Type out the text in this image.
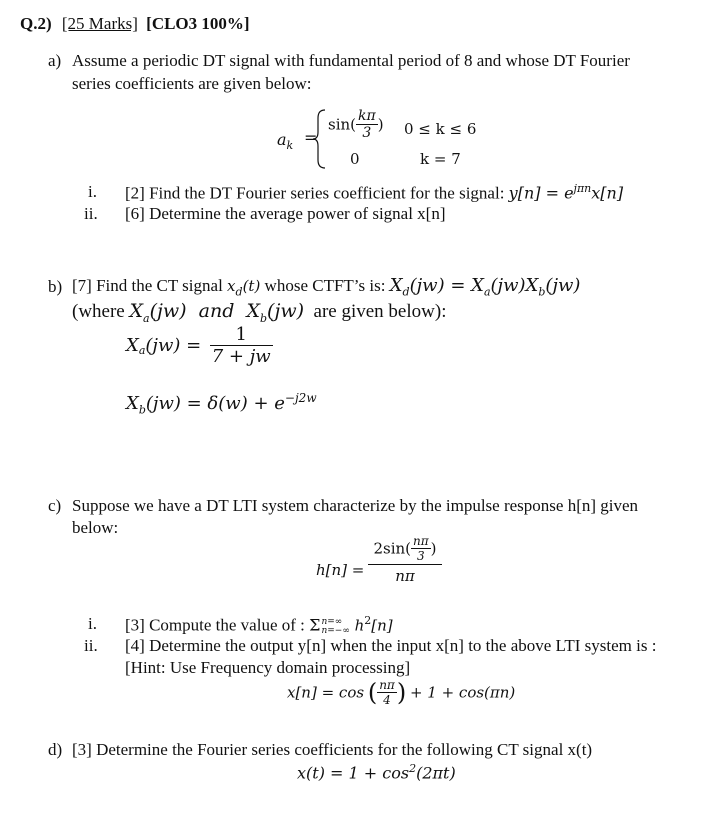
Q.2) [25 Marks] [CLO3 100%]
a) Assume a periodic DT signal with fundamental period of 8 and whose DT Fourier
series coefficients are given below:
$a_k$ =
$\sin( \frac{k\pi}{3}$ ) 0 ≤ k ≤ 6
0	k = 7
i. [2] Find the DT Fourier series coefficient for the signal: $y[n] = e^{j\pi n}x[n]$
ii. [6] Determine the average power of signal x[n]
b) [7] Find the CT signal $x_d(t)$ whose CTFT’s is: $X_d(jw) = X_a(jw)X_b(jw)$
(where $X_a(jw)$  and  $X_b(jw)$  are given below):
$X_a(jw) = \frac{1}{7 + jw}$
$X_b(jw) = \delta(w) + e^{-j2w}$
c) Suppose we have a DT LTI system characterize by the impulse response h[n] given
below:
$h[n] = \frac{2\sin( \frac{n\pi}{3} )}{n\pi}$
i. [3] Compute the value of : Σ n=∞
n=−∞ $h^2[n]$
ii. [4] Determine the output y[n] when the input x[n] to the above LTI system is :
[Hint: Use Frequency domain processing]
x[n] = cos ( $\frac{n\pi}{4}$ ) + 1 + cos(πn)
d) [3] Determine the Fourier series coefficients for the following CT signal x(t)
$x(t) = 1 + \cos^2(2\pi t)$
